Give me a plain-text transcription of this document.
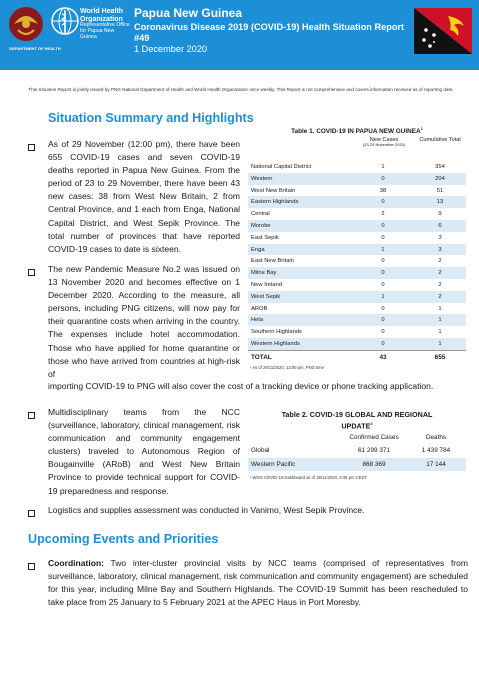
DEPARTMENT OF HEALTH
World Health Organization
Representative Office for Papua New Guinea
Papua New Guinea
Coronavirus Disease 2019 (COVID-19) Health Situation Report
#49
1 December 2020
This Situation Report is jointly issued by PNG National Department of Health and World Health Organization once weekly. This Report is not comprehensive and covers information received as of reporting date.
Situation Summary and Highlights
As of 29 November (12:00 pm), there have been 655 COVID-19 cases and seven COVID-19 deaths reported in Papua New Guinea. From the period of 23 to 29 November, there have been 43 new cases: 38 from West New Britain, 2 from Central Province, and 1 each from Enga, National Capital District, and West Sepik Province. The total number of provinces that have reported COVID-19 cases to date is sixteen.
The new Pandemic Measure No.2 was issued on 13 November 2020 and becomes effective on 1 December 2020. According to the measure, all persons, including PNG citizens, will now pay for their quarantine costs when arriving in the country. The expenses include hotel accommodation. Those who have applied for home quarantine or those who have arrived from countries at high-risk of
importing COVID-19 to PNG will also cover the cost of a tracking device or phone tracking application.
Multidisciplinary teams from the NCC (surveillance, laboratory, clinical management, risk communication and community engagement clusters) traveled to Autonomous Region of Bougainville (ARoB) and West New Britain Province to provide technical support for COVID-19 preparedness and response.
Logistics and supplies assessment was conducted in Vanimo, West Sepik Province.
Table 1. COVID-19 IN PAPUA NEW GUINEA$^1$
New Cases
(23-29 November 2020)
Cumulative Total
National Capital District	1	354
Western	0	204
West New Britain	38	51
Eastern Highlands	0	13
Central	2	9
Morobe	0	6
East Sepik	0	3
Enga	1	3
East New Britain	0	2
Milne Bay	0	2
New Ireland	0	2
West Sepik	1	2
AROB	0	1
Hela	0	1
Southern Highlands	0	1
Western Highlands	0	1
TOTAL	43	655
¹ As of 29/11/2020, 12:00 pm, PNG time
Table 2. COVID-19 GLOBAL AND REGIONAL
UPDATE$^2$
Confirmed Cases	Deaths
Global	61 299 371	1 439 784
Western Pacific	868 369	17 144
² WHO COVID-19 Dashboard as of 29/11/2020, 3:46 pm CEST
Upcoming Events and Priorities
Coordination: Two inter-cluster provincial visits by NCC teams (comprised of representatives from surveillance, laboratory, clinical management, risk communication and community engagement) are scheduled for this year, including Milne Bay and Southern Highlands. The COVID-19 Summit has been rescheduled to take place from 25 January to 5 February 2021 at the APEC Haus in Port Moresby.
